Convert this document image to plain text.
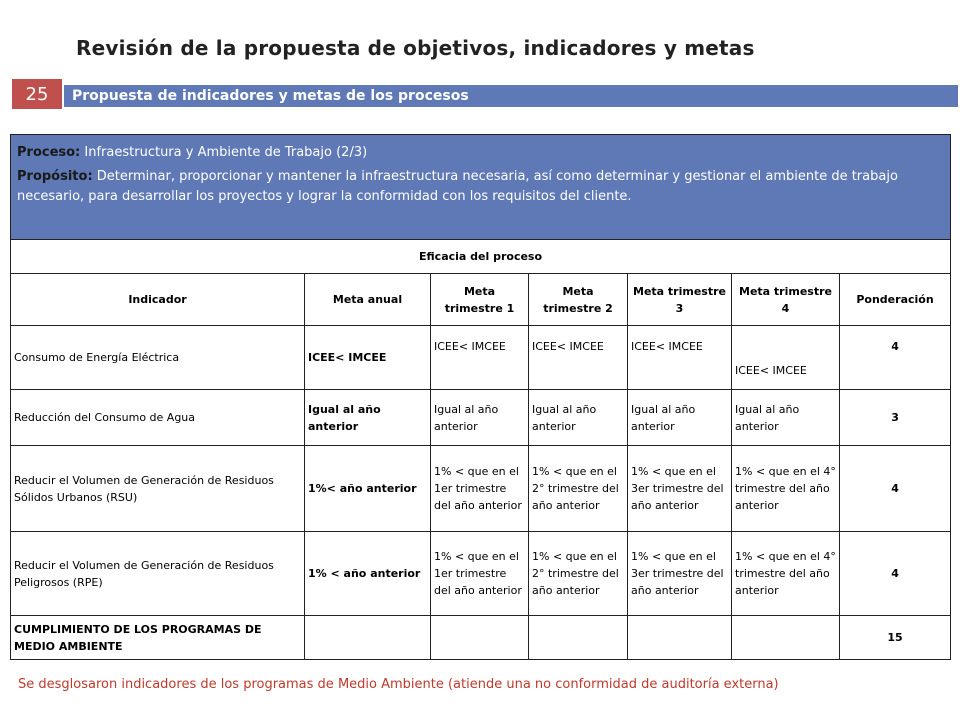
Revisión de la propuesta de objetivos, indicadores y metas
25	Propuesta de indicadores y metas de los procesos

Proceso: Infraestructura y Ambiente de Trabajo (2/3)

Propósito: Determinar, proporcionar y mantener la infraestructura necesaria, así como determinar y gestionar el ambiente de trabajo necesario, para desarrollar los proyectos y lograr la conformidad con los requisitos del cliente.						

Eficacia del proceso						
Indicador	Meta anual	Meta trimestre 1	Meta trimestre 2	Meta trimestre 3	Meta trimestre 4	Ponderación
Consumo de Energía Eléctrica	ICEE< IMCEE	ICEE< IMCEE	ICEE< IMCEE	ICEE< IMCEE	ICEE< IMCEE	4
Reducción del Consumo de Agua	Igual al año anterior	Igual al año anterior	Igual al año anterior	Igual al año anterior	Igual al año anterior	3
Reducir el Volumen de Generación de Residuos Sólidos Urbanos (RSU)	1%< año anterior	1% < que en el 1er trimestre del año anterior	1% < que en el 2° trimestre del año anterior	1% < que en el 3er trimestre del año anterior	1% < que en el 4° trimestre del año anterior	4
Reducir el Volumen de Generación de Residuos Peligrosos (RPE)	1% < año anterior	1% < que en el 1er trimestre del año anterior	1% < que en el 2° trimestre del año anterior	1% < que en el 3er trimestre del año anterior	1% < que en el 4° trimestre del año anterior	4
CUMPLIMIENTO DE LOS PROGRAMAS DE MEDIO AMBIENTE						15
Se desglosaron indicadores de los programas de Medio Ambiente (atiende una no conformidad de auditoría externa)
